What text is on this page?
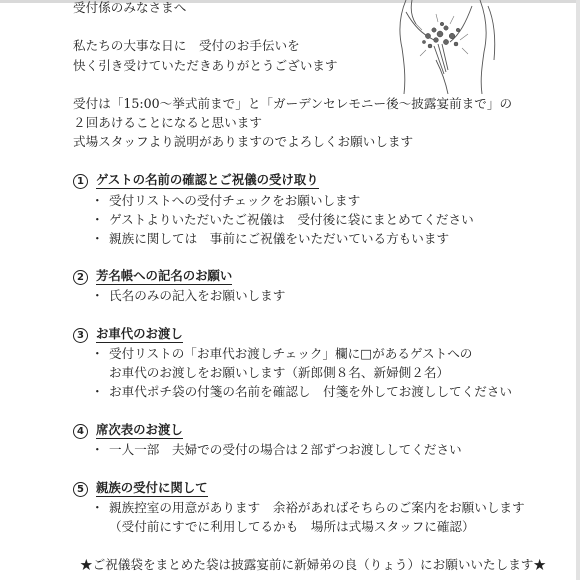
受付係のみなさまへ
私たちの大事な日に　受付のお手伝いを
快く引き受けていただきありがとうございます
受付は「15:00～挙式前まで」と「ガーデンセレモニー後～披露宴前まで」の
２回あけることになると思います
式場スタッフより説明がありますのでよろしくお願いします
1 ゲストの名前の確認とご祝儀の受け取り
・ 受付リストへの受付チェックをお願いします
・ ゲストよりいただいたご祝儀は　受付後に袋にまとめてください
・ 親族に関しては　事前にご祝儀をいただいている方もいます
2 芳名帳への記名のお願い
・ 氏名のみの記入をお願いします
3 お車代のお渡し
・ 受付リストの「お車代お渡しチェック」欄に□があるゲストへの
お車代のお渡しをお願いします（新郎側８名、新婦側２名）
・ お車代ポチ袋の付箋の名前を確認し　付箋を外してお渡ししてください
4 席次表のお渡し
・ 一人一部　夫婦での受付の場合は２部ずつお渡ししてください
5 親族の受付に関して
・ 親族控室の用意があります　余裕があればそちらのご案内をお願いします
（受付前にすでに利用してるかも　場所は式場スタッフに確認）
★ご祝儀袋をまとめた袋は披露宴前に新婦弟の良（りょう）にお願いいたします★
